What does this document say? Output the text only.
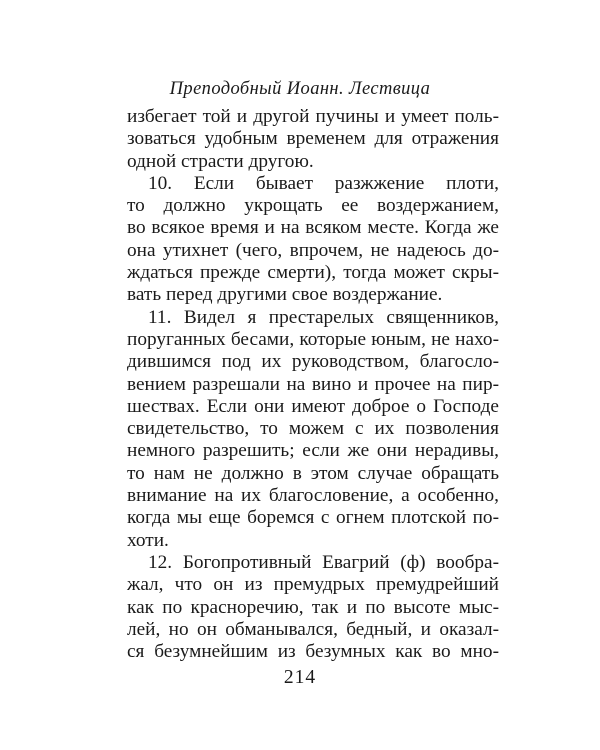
Преподобный Иоанн. Лествица
избегает той и другой пучины и умеет поль-
зоваться удобным временем для отражения
одной страсти другою.
10. Если бывает разжжение плоти,
то должно укрощать ее воздержанием,
во всякое время и на всяком месте. Когда же
она утихнет (чего, впрочем, не надеюсь до-
ждаться прежде смерти), тогда может скры-
вать перед другими свое воздержание.
11. Видел я престарелых священников,
поруганных бесами, которые юным, не нахо-
дившимся под их руководством, благосло-
вением разрешали на вино и прочее на пир-
шествах. Если они имеют доброе о Господе
свидетельство, то можем с их позволения
немного разрешить; если же они нерадивы,
то нам не должно в этом случае обращать
внимание на их благословение, а особенно,
когда мы еще боремся с огнем плотской по-
хоти.
12. Богопротивный Евагрий (ф) вообра-
жал, что он из премудрых премудрейший
как по красноречию, так и по высоте мыс-
лей, но он обманывался, бедный, и оказал-
ся безумнейшим из безумных как во мно-
214
